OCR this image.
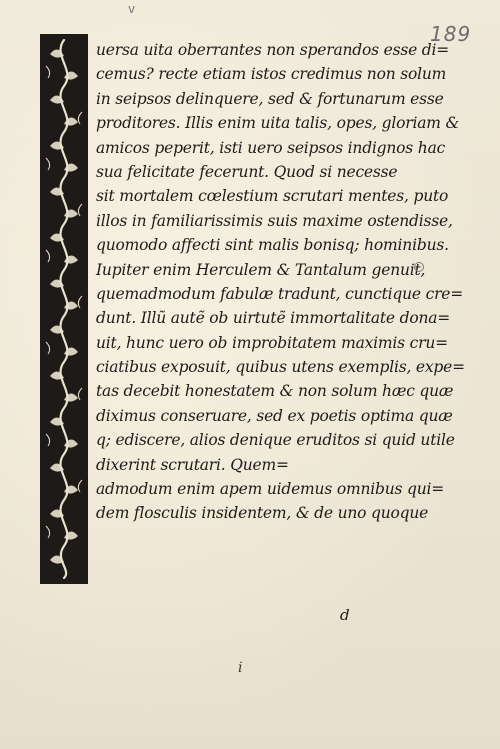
v
189
uersa uita oberrantes non sperandos esse di=
cemus? recte etiam istos credimus non solum
in seipsos delinquere, sed & fortunarum esse
proditores. Illis enim uita talis, opes, gloriam &
amicos peperit, isti uero seipsos indignos hac
sua felicitate fecerunt. Quod si necesse
sit mortalem cœlestium scrutari mentes, puto
illos in familiarissimis suis maxime ostendisse,
quomodo affecti sint malis bonisq; hominibus.
Iupiter enim Herculem & Tantalum genuit,
quemadmodum fabulæ tradunt, cunctique cre=
dunt. Illũ autẽ ob uirtutẽ immortalitate dona=
uit, hunc uero ob improbitatem maximis cru=
ciatibus exposuit, quibus utens exemplis, expe=
tas decebit honestatem & non solum hæc quæ
diximus conseruare, sed ex poetis optima quæ
q; ediscere, alios denique eruditos si quid utile
dixerint scrutari. Quem=
admodum enim apem uidemus omnibus qui=
dem flosculis insidentem, & de uno quoque
d
i
